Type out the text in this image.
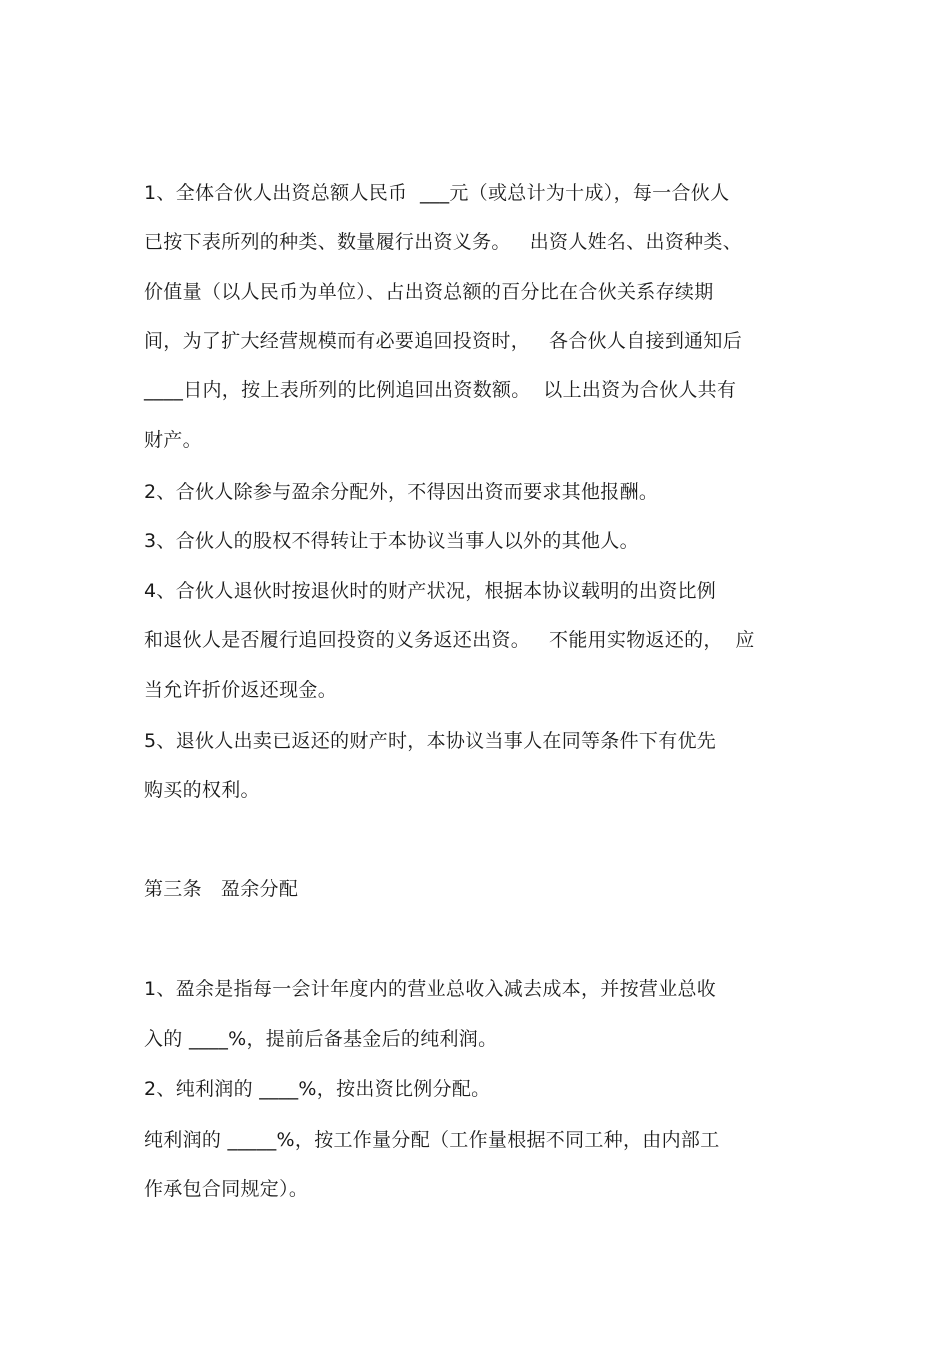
1、全体合伙人出资总额人民币  ___元（或总计为十成），每一合伙人
已按下表所列的种类、数量履行出资义务。   出资人姓名、出资种类、
价值量（以人民币为单位）、占出资总额的百分比在合伙关系存续期
间，为了扩大经营规模而有必要追回投资时，   各合伙人自接到通知后
____日内，按上表所列的比例追回出资数额。  以上出资为合伙人共有
财产。
2、合伙人除参与盈余分配外，不得因出资而要求其他报酬。
3、合伙人的股权不得转让于本协议当事人以外的其他人。
4、合伙人退伙时按退伙时的财产状况，根据本协议载明的出资比例
和退伙人是否履行追回投资的义务返还出资。   不能用实物返还的，  应
当允许折价返还现金。
5、退伙人出卖已返还的财产时，本协议当事人在同等条件下有优先
购买的权利。
第三条   盈余分配
1、盈余是指每一会计年度内的营业总收入减去成本，并按营业总收
入的 ____%，提前后备基金后的纯利润。
2、纯利润的 ____%，按出资比例分配。
纯利润的 _____%，按工作量分配（工作量根据不同工种，由内部工
作承包合同规定）。
